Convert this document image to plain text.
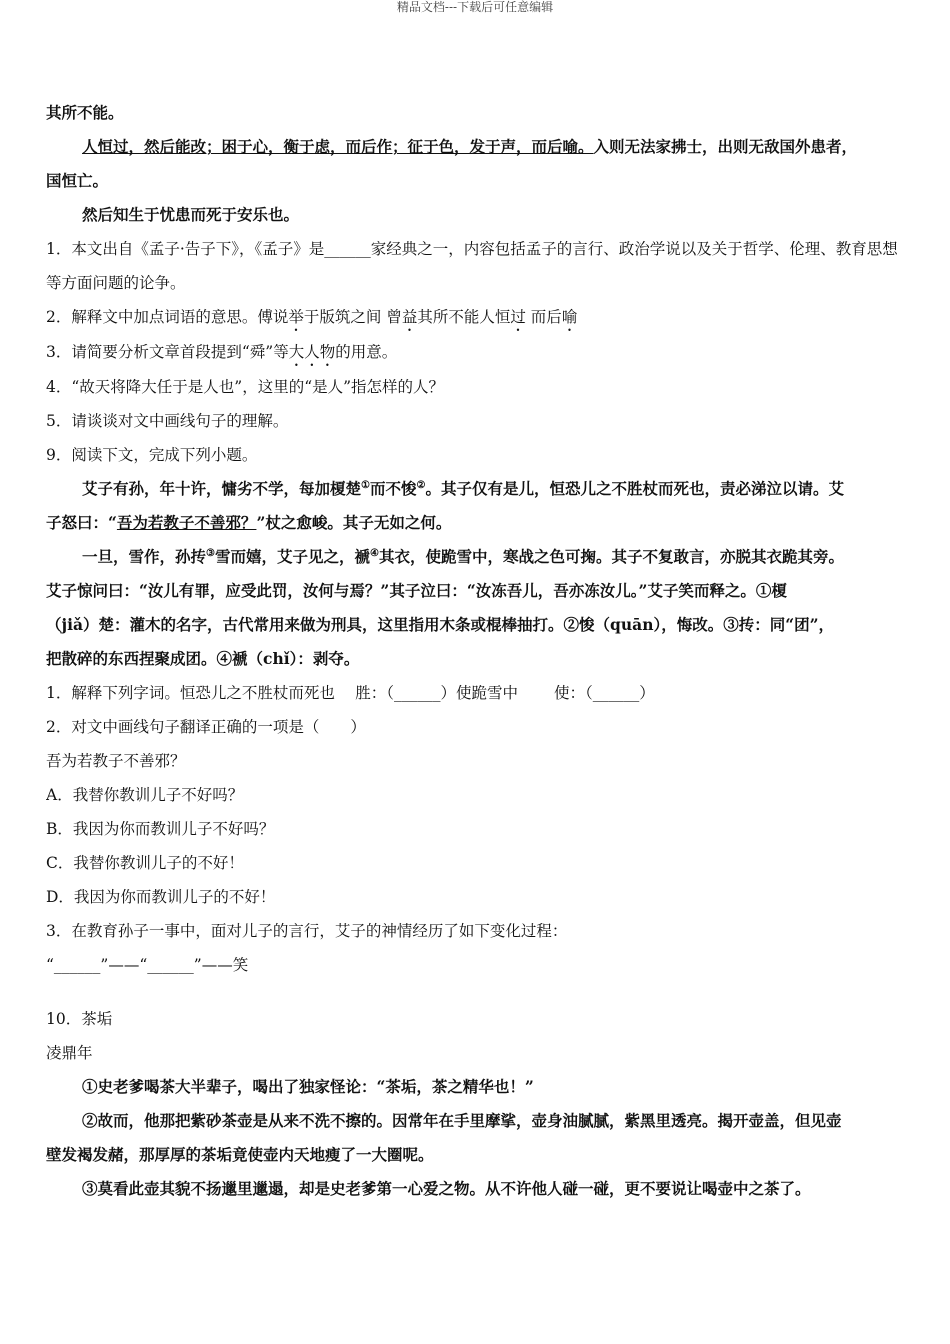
精品文档---下载后可任意编辑

其所不能。

人恒过，然后能改；困于心，衡于虑，而后作；征于色，发于声，而后喻。入则无法家拂士，出则无敌国外患者，

国恒亡。

然后知生于忧患而死于安乐也。

1．本文出自《孟子·告子下》，《孟子》是______家经典之一，内容包括孟子的言行、政治学说以及关于哲学、伦理、教育思想等方面问题的论争。

2．解释文中加点词语的意思。傅说举于版筑之间 曾益其所不能人恒过 而后喻

3．请简要分析文章首段提到“舜”等大人物的用意。

4．“故天将降大任于是人也”，这里的“是人”指怎样的人？

5．请谈谈对文中画线句子的理解。

9．阅读下文，完成下列小题。

艾子有孙，年十许，慵劣不学，每加榎楚①而不悛②。其子仅有是儿，恒恐儿之不胜杖而死也，责必涕泣以请。艾

子怒曰：“吾为若教子不善邪？”杖之愈峻。其子无如之何。

一旦，雪作，孙抟③雪而嬉，艾子见之，褫④其衣，使跪雪中，寒战之色可掬。其子不复敢言，亦脱其衣跪其旁。

艾子惊问曰：“汝儿有罪，应受此罚，汝何与焉？”其子泣曰：“汝冻吾儿，吾亦冻汝儿。”艾子笑而释之。①榎

（jiǎ）楚：灌木的名字，古代常用来做为刑具，这里指用木条或棍棒抽打。②悛（quān），悔改。③抟：同“团”，

把散碎的东西捏聚成团。④褫（chǐ）：剥夺。

1．解释下列字词。恒恐儿之不胜杖而死也　 胜：（______）使跪雪中　　 使：（______）

2．对文中画线句子翻译正确的一项是（　　）

吾为若教子不善邪？

A．我替你教训儿子不好吗？

B．我因为你而教训儿子不好吗？

C．我替你教训儿子的不好！

D．我因为你而教训儿子的不好！

3．在教育孙子一事中，面对儿子的言行，艾子的神情经历了如下变化过程：

“______”——“______”——笑

10．茶垢

凌鼎年

①史老爹喝茶大半辈子，喝出了独家怪论：“茶垢，茶之精华也！”

②故而，他那把紫砂茶壶是从来不洗不擦的。因常年在手里摩挲，壶身油腻腻，紫黑里透亮。揭开壶盖，但见壶

壁发褐发赭，那厚厚的茶垢竟使壶内天地瘦了一大圈呢。

③莫看此壶其貌不扬邋里邋遢，却是史老爹第一心爱之物。从不许他人碰一碰，更不要说让喝壶中之茶了。
